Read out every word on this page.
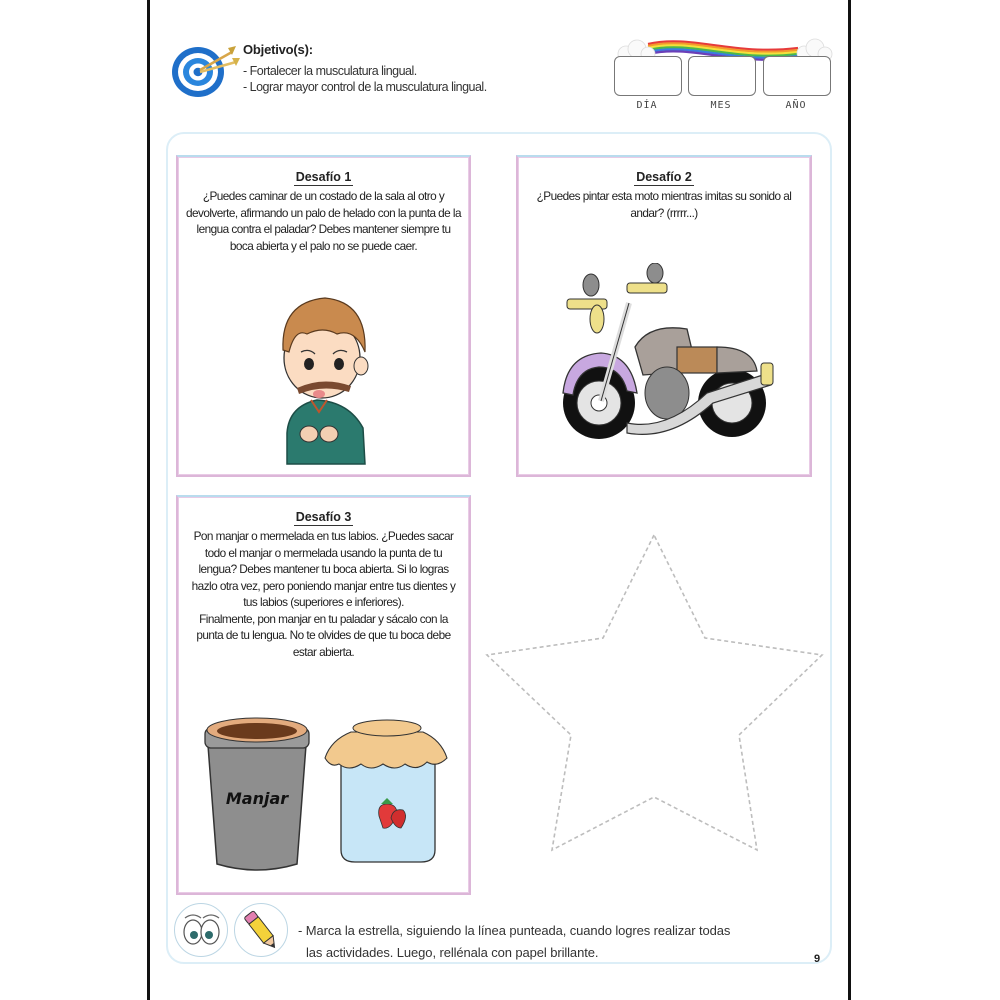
Objetivo(s):
- Fortalecer la musculatura lingual.
- Lograr mayor control de la musculatura lingual.
DÍA	MES	AÑO
Desafío 1
¿Puedes caminar de un costado de la sala al otro y devolverte, afirmando un palo de helado con la punta de la lengua contra el paladar? Debes mantener siempre tu boca abierta y el palo no se puede caer.
Desafío 2
¿Puedes pintar esta moto mientras imitas su sonido al andar? (rrrrr...)
Desafío 3
Pon manjar o mermelada en tus labios. ¿Puedes sacar todo el manjar o mermelada usando la punta de tu lengua? Debes mantener tu boca abierta. Si lo logras hazlo otra vez, pero poniendo manjar entre tus dientes y tus labios (superiores e inferiores).
Finalmente, pon manjar en tu paladar y sácalo con la punta de tu lengua. No te olvides de que tu boca debe estar abierta.
Manjar
- Marca la estrella, siguiendo la línea punteada, cuando logres realizar todas
las actividades. Luego, rellénala con papel brillante.	9
